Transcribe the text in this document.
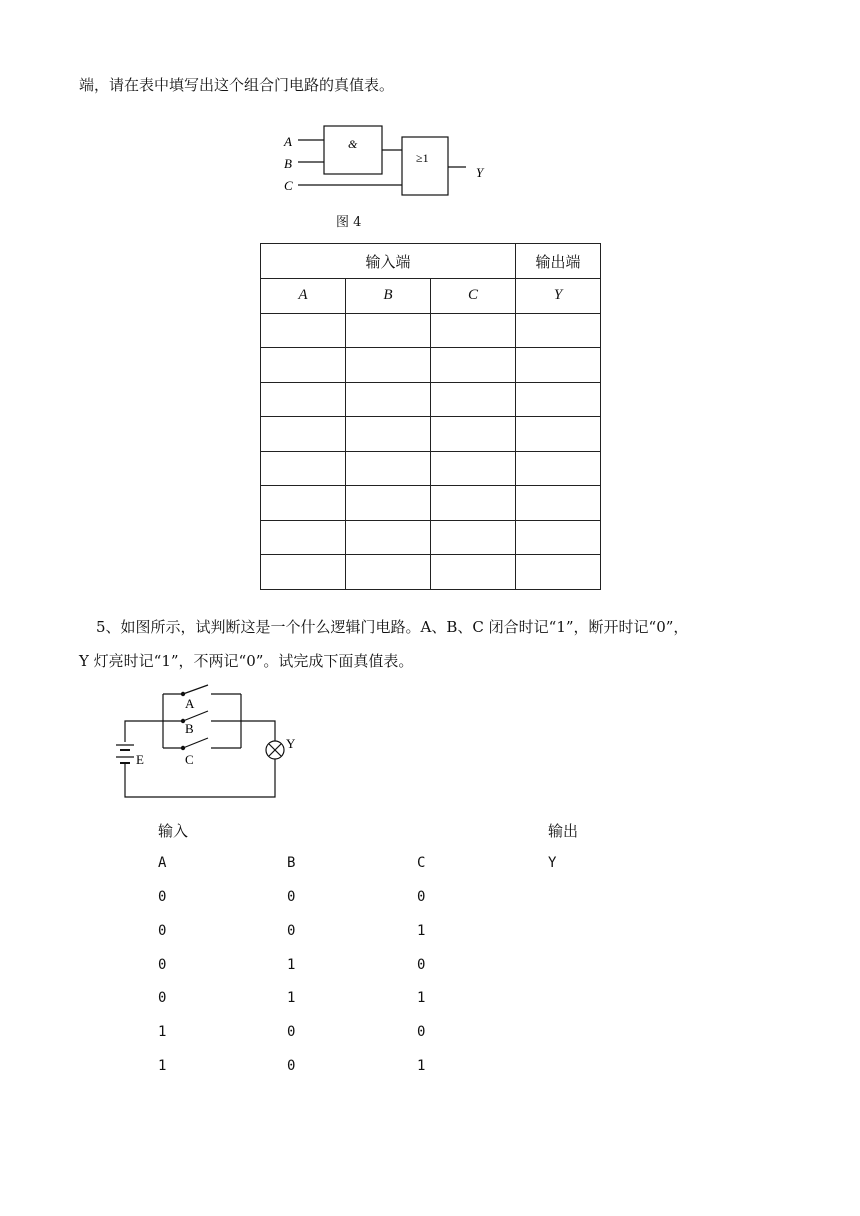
端，请在表中填写出这个组合门电路的真值表。
A
B
C
&
≥1
Y
图 4
输入端			输出端
A	B	C	Y

5、如图所示，试判断这是一个什么逻辑门电路。A、B、C 闭合时记“1”，断开时记“0”，
Y 灯亮时记“1”，不两记“0”。试完成下面真值表。
A
B
C
E
Y
输入	输出
A	B	C	Y
0	0	0
0	0	1
0	1	0
0	1	1
1	0	0
1	0	1
